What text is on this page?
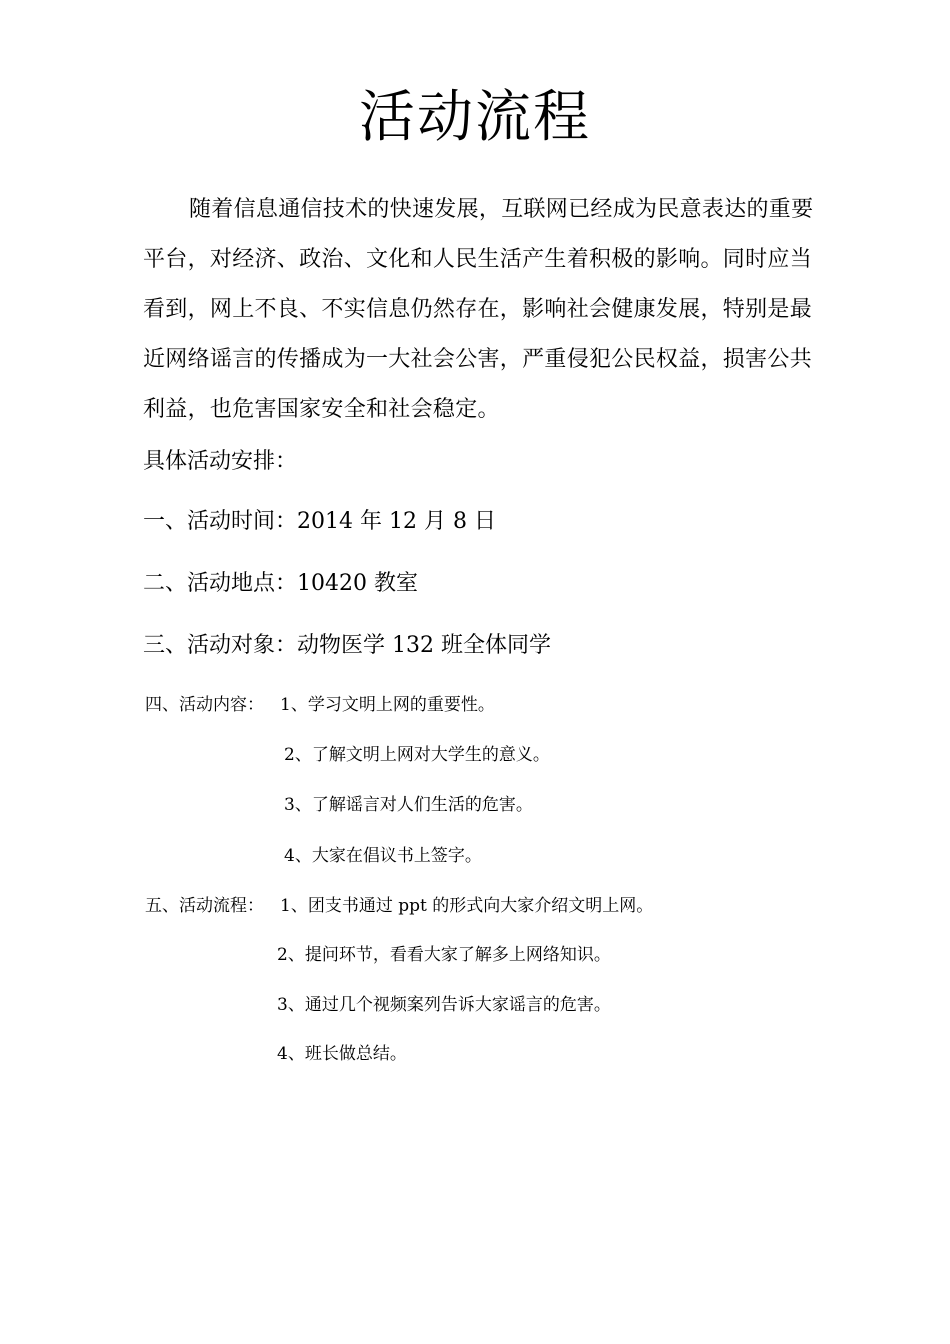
活动流程
随着信息通信技术的快速发展，互联网已经成为民意表达的重要
平台，对经济、政治、文化和人民生活产生着积极的影响。同时应当
看到，网上不良、不实信息仍然存在，影响社会健康发展，特别是最
近网络谣言的传播成为一大社会公害，严重侵犯公民权益，损害公共
利益，也危害国家安全和社会稳定。
具体活动安排：
一、活动时间：2014 年 12 月 8 日
二、活动地点：10420 教室
三、活动对象：动物医学 132 班全体同学
四、活动内容： 1、学习文明上网的重要性。
2、了解文明上网对大学生的意义。
3、了解谣言对人们生活的危害。
4、大家在倡议书上签字。
五、活动流程： 1、团支书通过 ppt 的形式向大家介绍文明上网。
2、提问环节，看看大家了解多上网络知识。
3、通过几个视频案列告诉大家谣言的危害。
4、班长做总结。
